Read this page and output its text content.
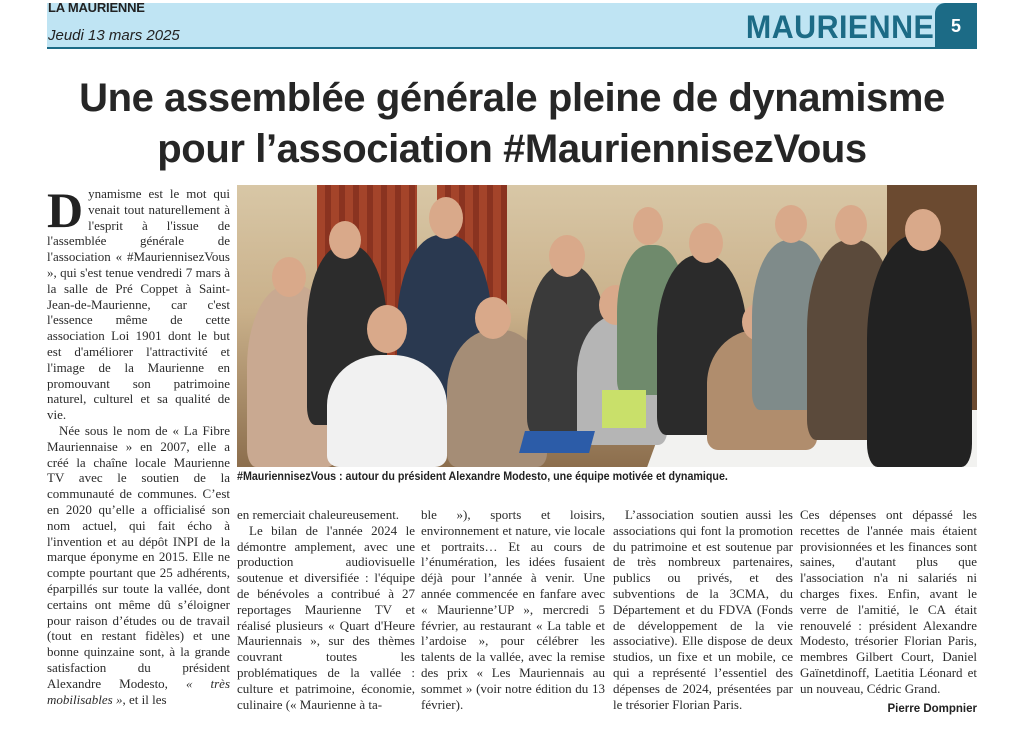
LA MAURIENNE
Jeudi 13 mars 2025	MAURIENNE 5
Une assemblée générale pleine de dynamisme
pour l’association #MauriennisezVous
#MauriennisezVous : autour du président Alexandre Modesto, une équipe motivée et dynamique.

Dynamisme est le mot qui venait tout naturellement à l'esprit à l'issue de l'assemblée générale de l'association « #MauriennisezVous », qui s'est tenue vendredi 7 mars à la salle de Pré Coppet à Saint-Jean-de-Maurienne, car c'est l'essence même de cette association Loi 1901 dont le but est d'améliorer l'attractivité et l'image de la Maurienne en promouvant son patrimoine naturel, culturel et sa qualité de vie.

Née sous le nom de « La Fibre Mauriennaise » en 2007, elle a créé la chaîne locale Maurienne TV avec le soutien de la communauté de communes. C’est en 2020 qu’elle a officialisé son nom actuel, qui fait écho à l'invention et au dépôt INPI de la marque éponyme en 2015. Elle ne compte pourtant que 25 adhérents, éparpillés sur toute la vallée, dont certains ont même dû s’éloigner pour raison d’études ou de travail (tout en restant fidèles) et une bonne quinzaine sont, à la grande satisfaction du président Alexandre Modesto, « très mobilisables », et il les

en remerciait chaleureusement.

Le bilan de l'année 2024 le démontre amplement, avec une production audiovisuelle soutenue et diversifiée : l'équipe de bénévoles a contribué à 27 reportages Maurienne TV et réalisé plusieurs « Quart d'Heure Mauriennais », sur des thèmes couvrant toutes les problématiques de la vallée : culture et patrimoine, économie, culinaire (« Maurienne à ta-

ble »), sports et loisirs, environnement et nature, vie locale et portraits… Et au cours de l’énumération, les idées fusaient déjà pour l’année à venir. Une année commencée en fanfare avec « Maurienne’UP », mercredi 5 février, au restaurant « La table et l’ardoise », pour célébrer les talents de la vallée, avec la remise des prix « Les Mauriennais au sommet » (voir notre édition du 13 février).

L’association soutien aussi les associations qui font la promotion du patrimoine et est soutenue par de très nombreux partenaires, publics ou privés, et des subventions de la 3CMA, du Département et du FDVA (Fonds de développement de la vie associative). Elle dispose de deux studios, un fixe et un mobile, ce qui a représenté l’essentiel des dépenses de 2024, présentées par le trésorier Florian Paris.

Ces dépenses ont dépassé les recettes de l'année mais étaient provisionnées et les finances sont saines, d'autant plus que l'association n'a ni salariés ni charges fixes. Enfin, avant le verre de l'amitié, le CA était renouvelé : président Alexandre Modesto, trésorier Florian Paris, membres Gilbert Court, Daniel Gaïnetdinoff, Laetitia Léonard et un nouveau, Cédric Grand.

Pierre Dompnier
